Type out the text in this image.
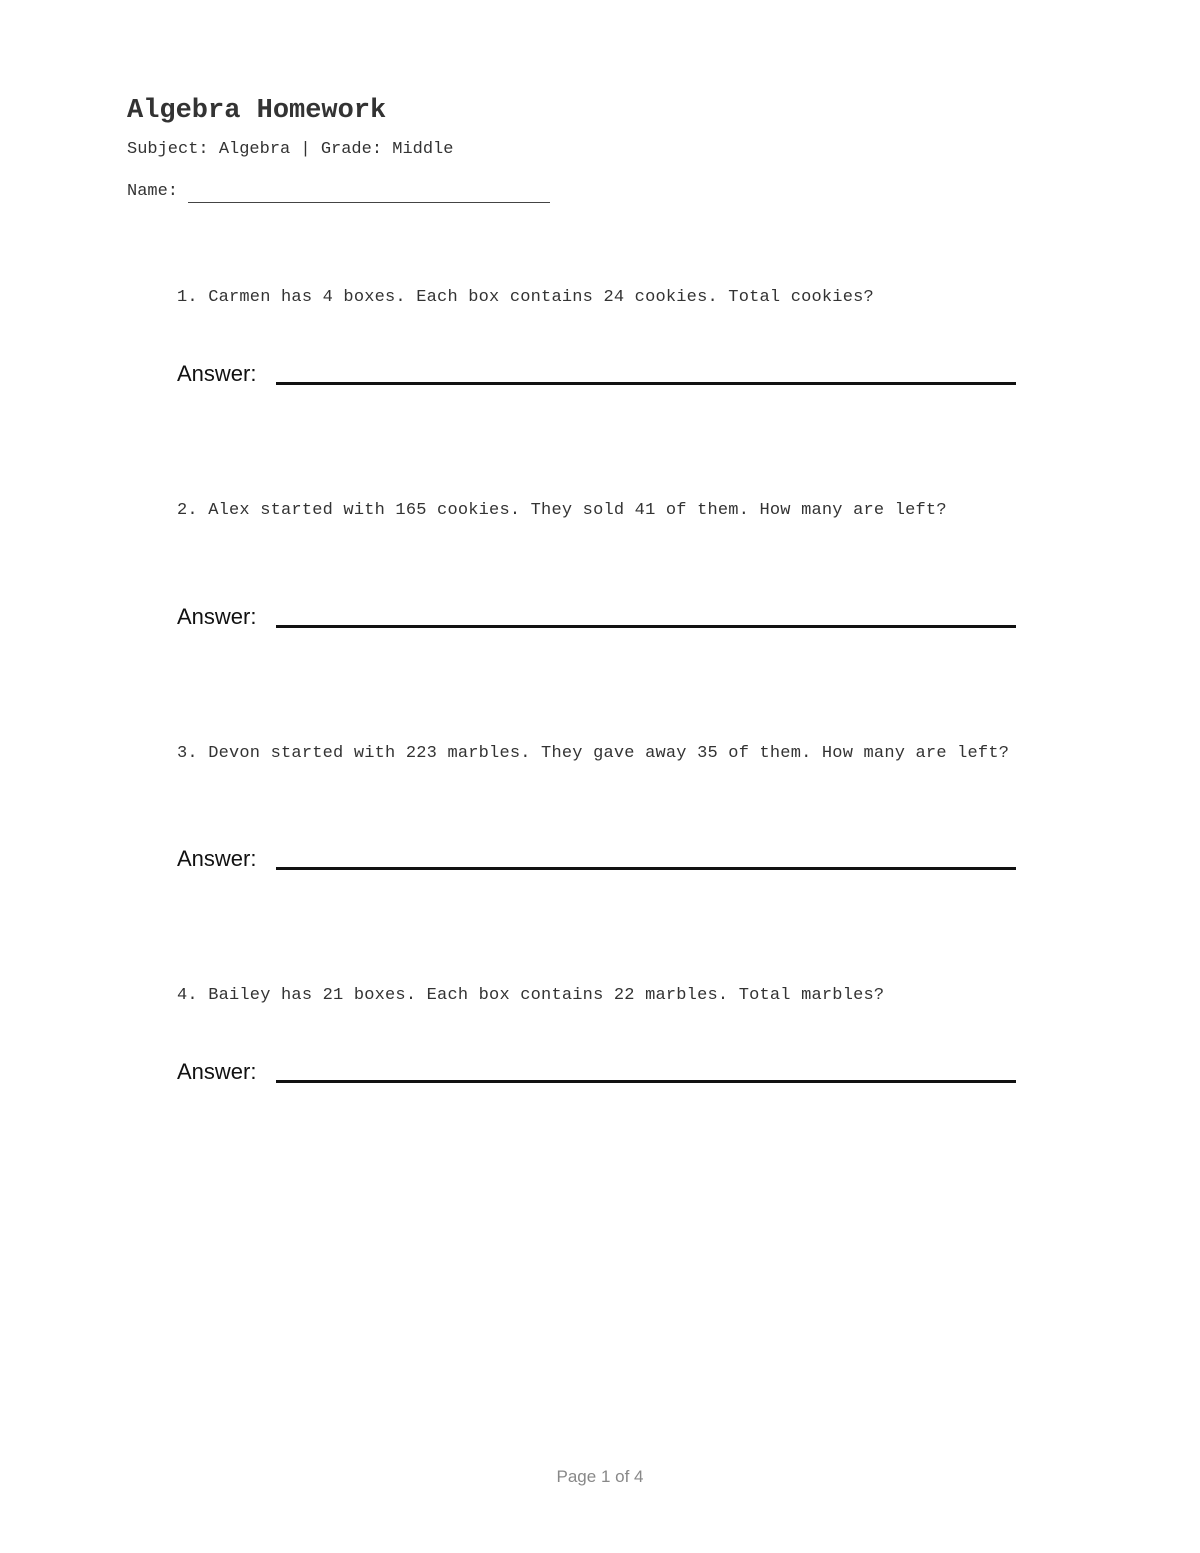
Algebra Homework
Subject: Algebra | Grade: Middle
Name:
1. Carmen has 4 boxes. Each box contains 24 cookies. Total cookies?
Answer:
2. Alex started with 165 cookies. They sold 41 of them. How many are left?
Answer:
3. Devon started with 223 marbles. They gave away 35 of them. How many are left?
Answer:
4. Bailey has 21 boxes. Each box contains 22 marbles. Total marbles?
Answer:
Page 1 of 4
